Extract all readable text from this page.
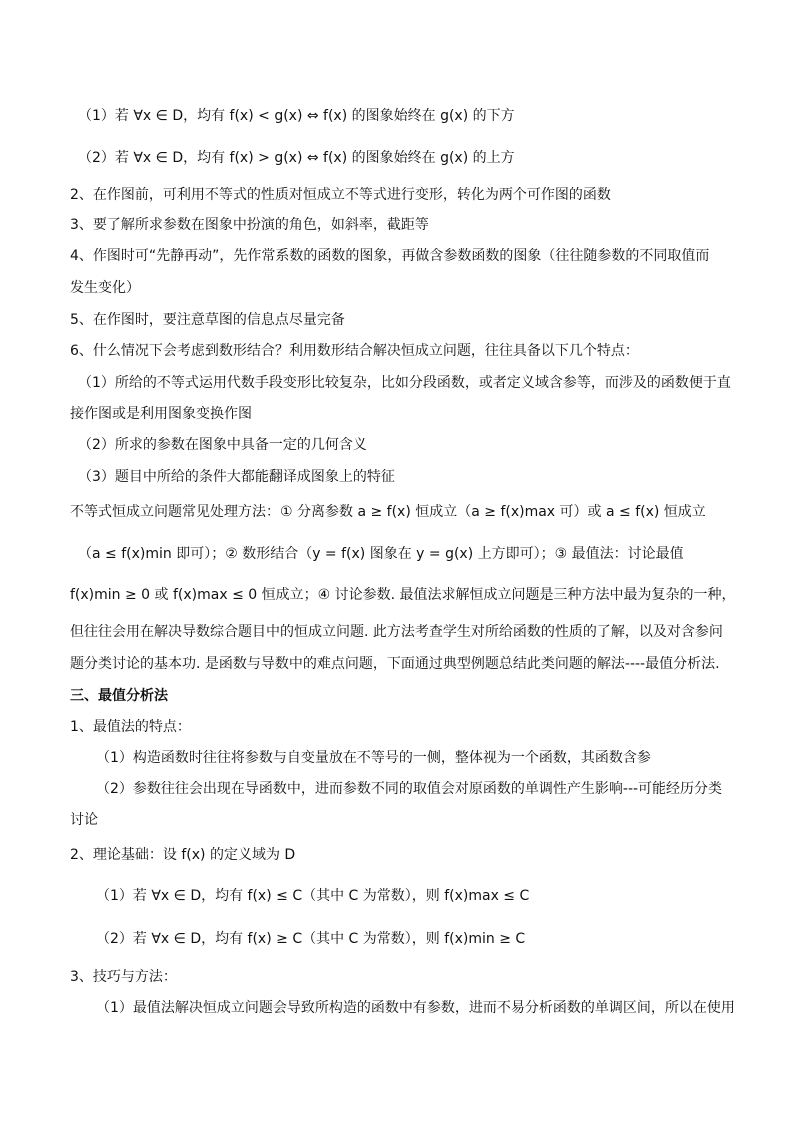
（1）若 ∀x ∈ D，均有 f(x) < g(x) ⇔ f(x) 的图象始终在 g(x) 的下方
（2）若 ∀x ∈ D，均有 f(x) > g(x) ⇔ f(x) 的图象始终在 g(x) 的上方
2、在作图前，可利用不等式的性质对恒成立不等式进行变形，转化为两个可作图的函数
3、要了解所求参数在图象中扮演的角色，如斜率，截距等
4、作图时可“先静再动”，先作常系数的函数的图象，再做含参数函数的图象（往往随参数的不同取值而
发生变化）
5、在作图时，要注意草图的信息点尽量完备
6、什么情况下会考虑到数形结合？利用数形结合解决恒成立问题，往往具备以下几个特点：
（1）所给的不等式运用代数手段变形比较复杂，比如分段函数，或者定义域含参等，而涉及的函数便于直
接作图或是利用图象变换作图
（2）所求的参数在图象中具备一定的几何含义
（3）题目中所给的条件大都能翻译成图象上的特征
不等式恒成立问题常见处理方法：① 分离参数 a ≥ f(x) 恒成立（a ≥ f(x)max 可）或 a ≤ f(x) 恒成立
（a ≤ f(x)min 即可）；② 数形结合（y = f(x) 图象在 y = g(x) 上方即可）；③ 最值法：讨论最值
f(x)min ≥ 0 或 f(x)max ≤ 0 恒成立；④ 讨论参数. 最值法求解恒成立问题是三种方法中最为复杂的一种，
但往往会用在解决导数综合题目中的恒成立问题. 此方法考查学生对所给函数的性质的了解，以及对含参问
题分类讨论的基本功. 是函数与导数中的难点问题，下面通过典型例题总结此类问题的解法----最值分析法.
三、最值分析法
1、最值法的特点：
（1）构造函数时往往将参数与自变量放在不等号的一侧，整体视为一个函数，其函数含参
（2）参数往往会出现在导函数中，进而参数不同的取值会对原函数的单调性产生影响---可能经历分类
讨论
2、理论基础：设 f(x) 的定义域为 D
（1）若 ∀x ∈ D，均有 f(x) ≤ C（其中 C 为常数），则 f(x)max ≤ C
（2）若 ∀x ∈ D，均有 f(x) ≥ C（其中 C 为常数），则 f(x)min ≥ C
3、技巧与方法：
（1）最值法解决恒成立问题会导致所构造的函数中有参数，进而不易分析函数的单调区间，所以在使用
